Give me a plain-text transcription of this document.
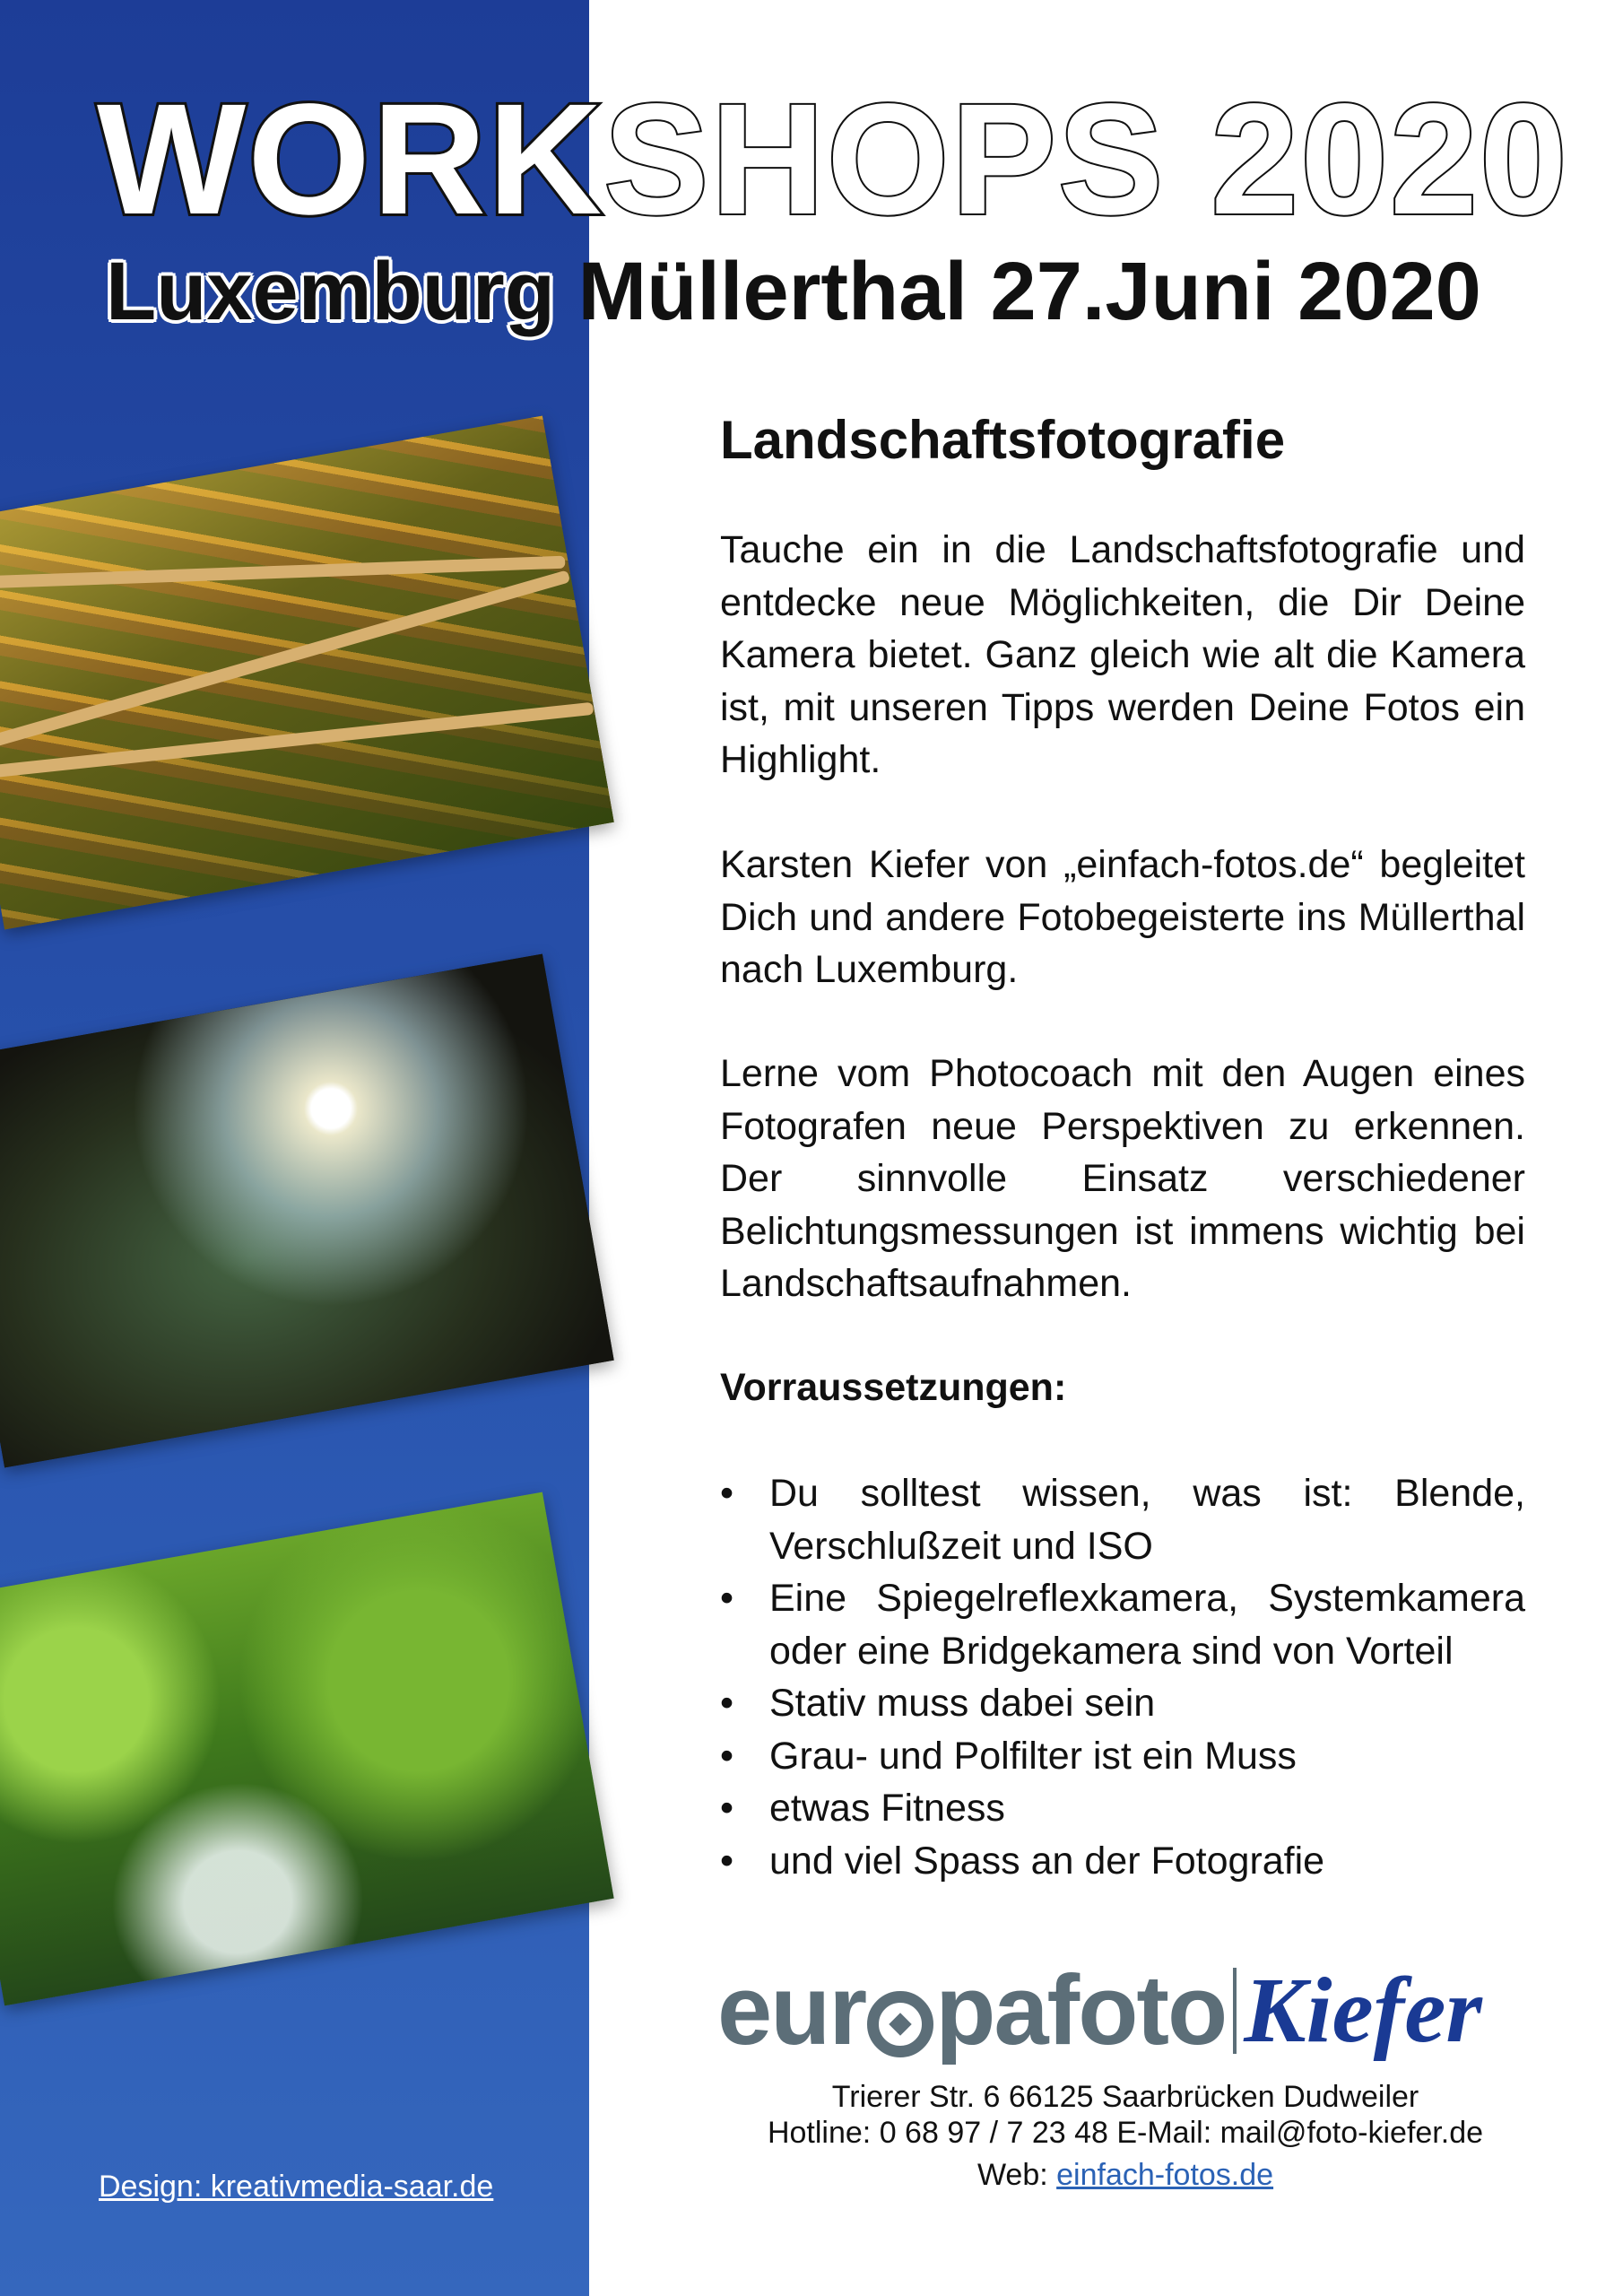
WORKSHOPS 2020
Luxemburg Müllerthal 27.Juni 2020
Landschaftsfotografie

Tauche ein in die Landschaftsfotografie und entdecke neue Möglichkeiten, die Dir Deine Kamera bietet. Ganz gleich wie alt die Kamera ist, mit unseren Tipps werden Deine Fotos ein Highlight.

Karsten Kiefer von „einfach-fotos.de“ begleitet Dich und andere Fotobegeisterte ins Müllerthal nach Luxemburg.

Lerne vom Photocoach mit den Augen eines Fotografen neue Perspektiven zu erkennen. Der sinnvolle Einsatz verschiedener Belichtungsmessungen ist immens wichtig bei Landschaftsaufnahmen.

Vorraussetzungen:

• Du solltest wissen, was ist: Blende, Verschlußzeit und ISO
• Eine Spiegelreflexkamera, Systemkamera oder eine Bridgekamera sind von Vorteil
• Stativ muss dabei sein
• Grau- und Polfilter ist ein Muss
• etwas Fitness
• und viel Spass an der Fotografie
eur pafoto Kiefer

Trierer Str. 6 66125 Saarbrücken Dudweiler

Hotline: 0 68 97 / 7 23 48 E-Mail: mail@foto-kiefer.de

Web: einfach-fotos.de

Design: kreativmedia-saar.de
